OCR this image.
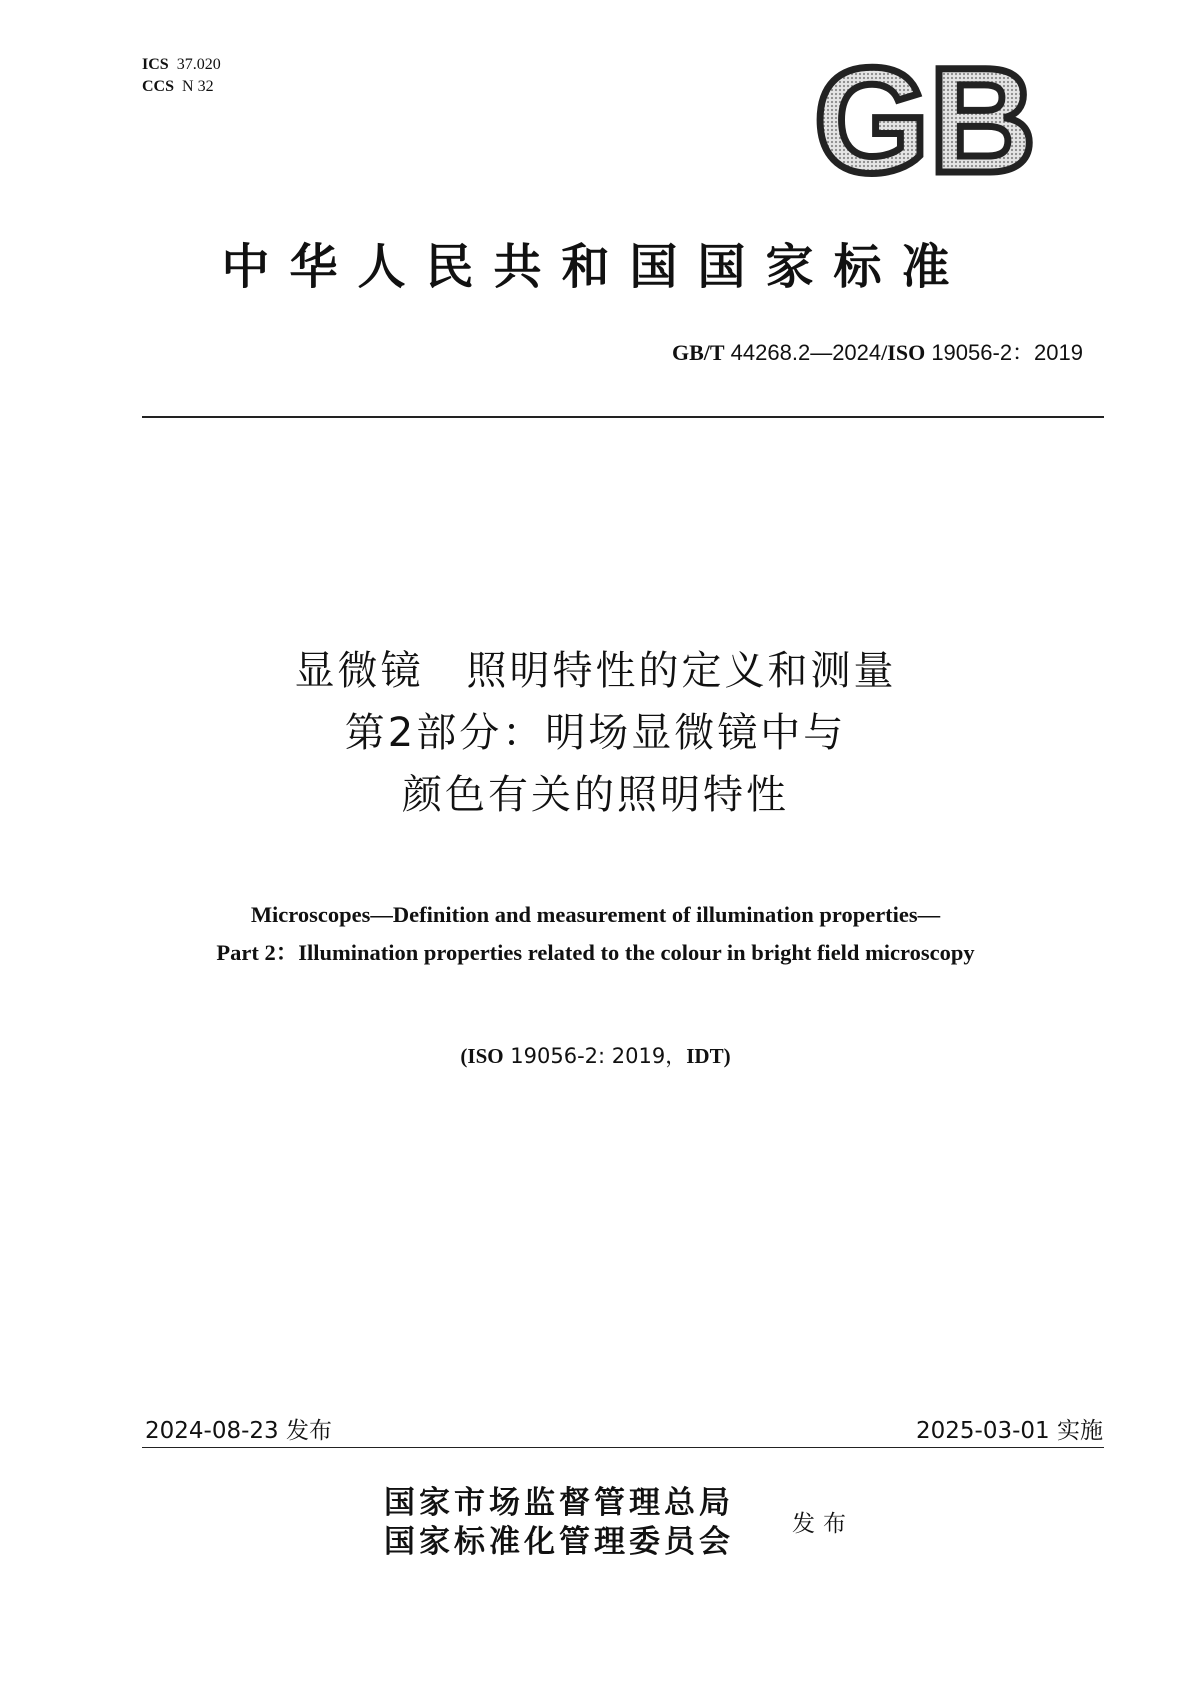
ICS 37.020
CCS N 32	GB
中华人民共和国国家标准
GB/T 44268.2—2024/ISO 19056-2：2019
显微镜　照明特性的定义和测量
第2部分：明场显微镜中与
颜色有关的照明特性
Microscopes—Definition and measurement of illumination properties—
Part 2：Illumination properties related to the colour in bright field microscopy
(ISO 19056-2: 2019，IDT)
2024-08-23 发布	2025-03-01 实施
国家市场监督管理总局
国家标准化管理委员会	发布
